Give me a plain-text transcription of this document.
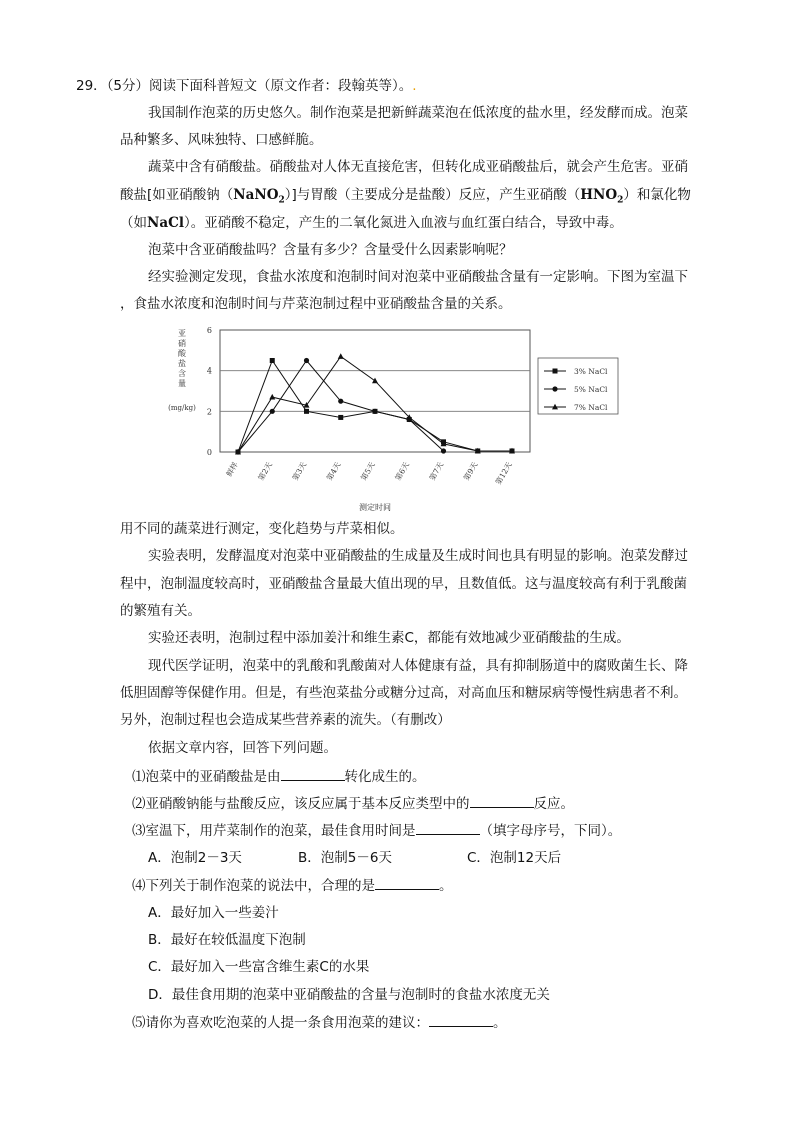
29．（5分）阅读下面科普短文（原文作者：段翰英等）。.
我国制作泡菜的历史悠久。制作泡菜是把新鲜蔬菜泡在低浓度的盐水里，经发酵而成。泡菜
品种繁多、风味独特、口感鲜脆。
蔬菜中含有硝酸盐。硝酸盐对人体无直接危害，但转化成亚硝酸盐后，就会产生危害。亚硝
酸盐[如亚硝酸钠（NaNO$_2$）]与胃酸（主要成分是盐酸）反应，产生亚硝酸$(HNO_2)$和氯化物
（如NaCl）。亚硝酸不稳定，产生的二氧化氮进入血液与血红蛋白结合，导致中毒。
泡菜中含亚硝酸盐吗？含量有多少？含量受什么因素影响呢？
经实验测定发现，食盐水浓度和泡制时间对泡菜中亚硝酸盐含量有一定影响。下图为室温下
，食盐水浓度和泡制时间与芹菜泡制过程中亚硝酸盐含量的关系。
0
2
4
6
亚
硝
酸
盐
含
量
(mg/kg)
鲜样 第2天 第3天 第4天 第5天 第6天 第7天 第9天 第12天
测定时间
3% NaCl
5% NaCl
7% NaCl
用不同的蔬菜进行测定，变化趋势与芹菜相似。
实验表明，发酵温度对泡菜中亚硝酸盐的生成量及生成时间也具有明显的影响。泡菜发酵过
程中，泡制温度较高时，亚硝酸盐含量最大值出现的早，且数值低。这与温度较高有利于乳酸菌
的繁殖有关。
实验还表明，泡制过程中添加姜汁和维生素C，都能有效地减少亚硝酸盐的生成。
现代医学证明，泡菜中的乳酸和乳酸菌对人体健康有益，具有抑制肠道中的腐败菌生长、降
低胆固醇等保健作用。但是，有些泡菜盐分或糖分过高，对高血压和糖尿病等慢性病患者不利。
另外，泡制过程也会造成某些营养素的流失。（有删改）
依据文章内容，回答下列问题。
⑴泡菜中的亚硝酸盐是由	转化成生的。
⑵亚硝酸钠能与盐酸反应，该反应属于基本反应类型中的	反应。
⑶室温下，用芹菜制作的泡菜，最佳食用时间是	（填字母序号，下同）。
A．泡制2－3天	B．泡制5－6天	C．泡制12天后
⑷下列关于制作泡菜的说法中，合理的是	。
A．最好加入一些姜汁
B．最好在较低温度下泡制
C．最好加入一些富含维生素C的水果
D．最佳食用期的泡菜中亚硝酸盐的含量与泡制时的食盐水浓度无关
⑸请你为喜欢吃泡菜的人提一条食用泡菜的建议：	。
